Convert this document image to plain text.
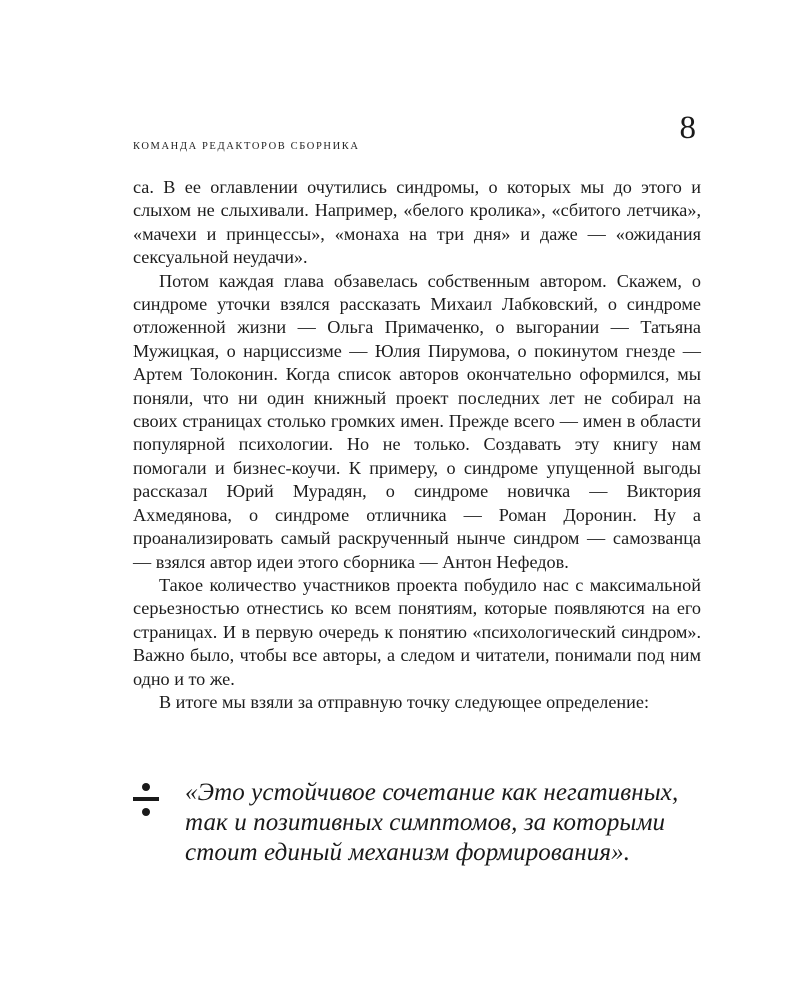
КОМАНДА РЕДАКТОРОВ СБОРНИКА
8

са. В ее оглавлении очутились синдромы, о которых мы до этого и слыхом не слыхивали. Например, «белого кролика», «сбитого летчика», «мачехи и принцессы», «монаха на три дня» и даже — «ожидания сексуальной неудачи».

Потом каждая глава обзавелась собственным автором. Скажем, о синдроме уточки взялся рассказать Михаил Лабковский, о синдроме отложенной жизни — Ольга Примаченко, о выгорании — Татьяна Мужицкая, о нарциссизме — Юлия Пирумова, о покинутом гнезде — Артем Толоконин. Когда список авторов окончательно оформился, мы поняли, что ни один книжный проект последних лет не собирал на своих страницах столько громких имен. Прежде всего — имен в области популярной психологии. Но не только. Создавать эту книгу нам помогали и бизнес-коучи. К примеру, о синдроме упущенной выгоды рассказал Юрий Мурадян, о синдроме новичка — Виктория Ахмедянова, о синдроме отличника — Роман Доронин. Ну а проанализировать самый раскрученный нынче синдром — самозванца — взялся автор идеи этого сборника — Антон Нефедов.

Такое количество участников проекта побудило нас с максимальной серьезностью отнестись ко всем понятиям, которые появляются на его страницах. И в первую очередь к понятию «психологический синдром». Важно было, чтобы все авторы, а следом и читатели, понимали под ним одно и то же.

В итоге мы взяли за отправную точку следующее определение:

«Это устойчивое сочетание как негативных, так и позитивных симптомов, за которыми стоит единый механизм формирования».
